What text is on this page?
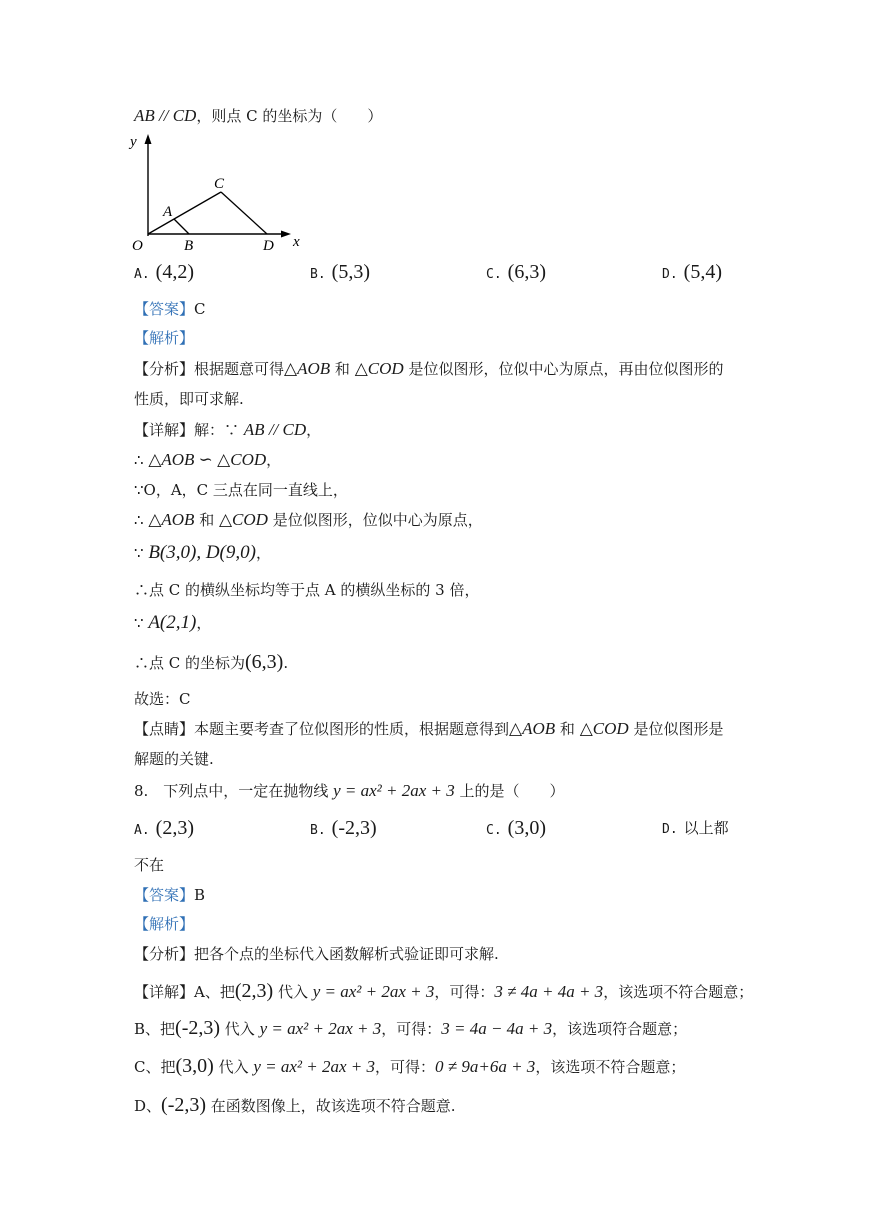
AB // CD，则点 C 的坐标为（　　）
y
O
A
B
C
D x
A. (4,2)	B. (5,3)	C. (6,3)	D. (5,4)
【答案】C
【解析】
【分析】根据题意可得△AOB 和 △COD 是位似图形，位似中心为原点，再由位似图形的
性质，即可求解.
【详解】解：∵ AB // CD，
∴ △AOB ∽ △COD，
∵O，A，C 三点在同一直线上，
∴ △AOB 和 △COD 是位似图形，位似中心为原点，
∵ B(3,0), D(9,0)，
∴点 C 的横纵坐标均等于点 A 的横纵坐标的 3 倍，
∵ A(2,1)，
∴点 C 的坐标为(6,3).
故选：C
【点睛】本题主要考查了位似图形的性质，根据题意得到△AOB 和 △COD 是位似图形是
解题的关键.
8.　下列点中，一定在抛物线 y = ax² + 2ax + 3 上的是（　　）
A. (2,3)	B. (-2,3)	C. (3,0)	D. 以上都
不在
【答案】B
【解析】
【分析】把各个点的坐标代入函数解析式验证即可求解.
【详解】A、把(2,3) 代入 y = ax² + 2ax + 3，可得：3 ≠ 4a + 4a + 3，该选项不符合题意；
B、把(-2,3) 代入 y = ax² + 2ax + 3，可得：3 = 4a − 4a + 3，该选项符合题意；
C、把(3,0) 代入 y = ax² + 2ax + 3，可得：0 ≠ 9a+6a + 3，该选项不符合题意；
D、(-2,3) 在函数图像上，故该选项不符合题意.
